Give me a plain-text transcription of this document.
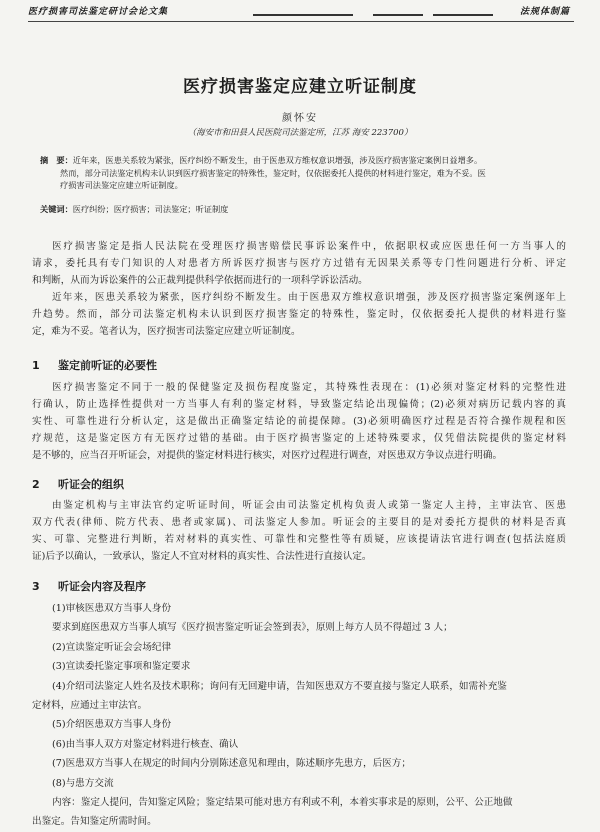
医疗损害司法鉴定研讨会论文集	法规体制篇
医疗损害鉴定应建立听证制度
颜怀安
（海安市和田县人民医院司法鉴定所，江苏 海安 223700）
摘　要：近年来，医患关系较为紧张，医疗纠纷不断发生，由于医患双方维权意识增强，涉及医疗损害鉴定案例日益增多。
然而，部分司法鉴定机构未认识到医疗损害鉴定的特殊性，鉴定时，仅依据委托人提供的材料进行鉴定，难为不妥。医
疗损害司法鉴定应建立听证制度。
关键词：医疗纠纷；医疗损害；司法鉴定；听证制度
医疗损害鉴定是指人民法院在受理医疗损害赔偿民事诉讼案件中，依据职权或应医患任何一方当事人的
请求，委托具有专门知识的人对患者方所诉医疗损害与医疗方过错有无因果关系等专门性问题进行分析、评定
和判断，从而为诉讼案件的公正裁判提供科学依据而进行的一项科学诉讼活动。
近年来，医患关系较为紧张，医疗纠纷不断发生。由于医患双方维权意识增强，涉及医疗损害鉴定案例逐年上
升趋势。然而，部分司法鉴定机构未认识到医疗损害鉴定的特殊性，鉴定时，仅依据委托人提供的材料进行鉴
定，难为不妥。笔者认为，医疗损害司法鉴定应建立听证制度。
1 鉴定前听证的必要性
医疗损害鉴定不同于一般的保健鉴定及损伤程度鉴定，其特殊性表现在：(1)必须对鉴定材料的完整性进
行确认，防止选择性提供对一方当事人有利的鉴定材料，导致鉴定结论出现偏倚；(2)必须对病历记载内容的真
实性、可靠性进行分析认定，这是做出正确鉴定结论的前提保障。(3)必须明确医疗过程是否符合操作规程和医
疗规范，这是鉴定医方有无医疗过错的基础。由于医疗损害鉴定的上述特殊要求，仅凭借法院提供的鉴定材料
是不够的，应当召开听证会，对提供的鉴定材料进行核实，对医疗过程进行调查，对医患双方争议点进行明确。
2 听证会的组织
由鉴定机构与主审法官约定听证时间，听证会由司法鉴定机构负责人或第一鉴定人主持，主审法官、医患
双方代表(律师、院方代表、患者或家属)、司法鉴定人参加。听证会的主要目的是对委托方提供的材料是否真
实、可靠、完整进行判断，若对材料的真实性、可靠性和完整性等有质疑，应该提请法官进行调查(包括法庭质
证)后予以确认，一致承认，鉴定人不宜对材料的真实性、合法性进行直接认定。
3 听证会内容及程序
(1)审核医患双方当事人身份
要求到庭医患双方当事人填写《医疗损害鉴定听证会签到表》，原则上每方人员不得超过 3 人；
(2)宣读鉴定听证会会场纪律
(3)宣读委托鉴定事项和鉴定要求
(4)介绍司法鉴定人姓名及技术职称；询问有无回避申请，告知医患双方不要直接与鉴定人联系，如需补充鉴
定材料，应通过主审法官。
(5)介绍医患双方当事人身份
(6)由当事人双方对鉴定材料进行核查、确认
(7)医患双方当事人在规定的时间内分别陈述意见和理由，陈述顺序先患方，后医方；
(8)与患方交流
内容：鉴定人提问，告知鉴定风险；鉴定结果可能对患方有利或不利，本着实事求是的原则，公平、公正地做
出鉴定。告知鉴定所需时间。
